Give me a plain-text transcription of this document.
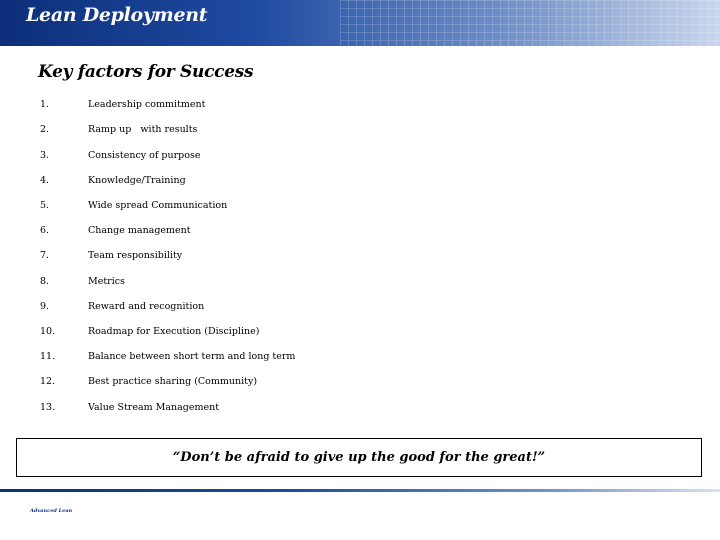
Lean Deployment
Key factors for Success
1.	Leadership commitment
2.	Ramp up   with results
3.	Consistency of purpose
4.	Knowledge/Training
5.	Wide spread Communication
6.	Change management
7.	Team responsibility
8.	Metrics
9.	Reward and recognition
10.	Roadmap for Execution (Discipline)
11.	Balance between short term and long term
12.	Best practice sharing (Community)
13.	Value Stream Management
“Don’t be afraid to give up the good for the great!”
Advanced Lean
